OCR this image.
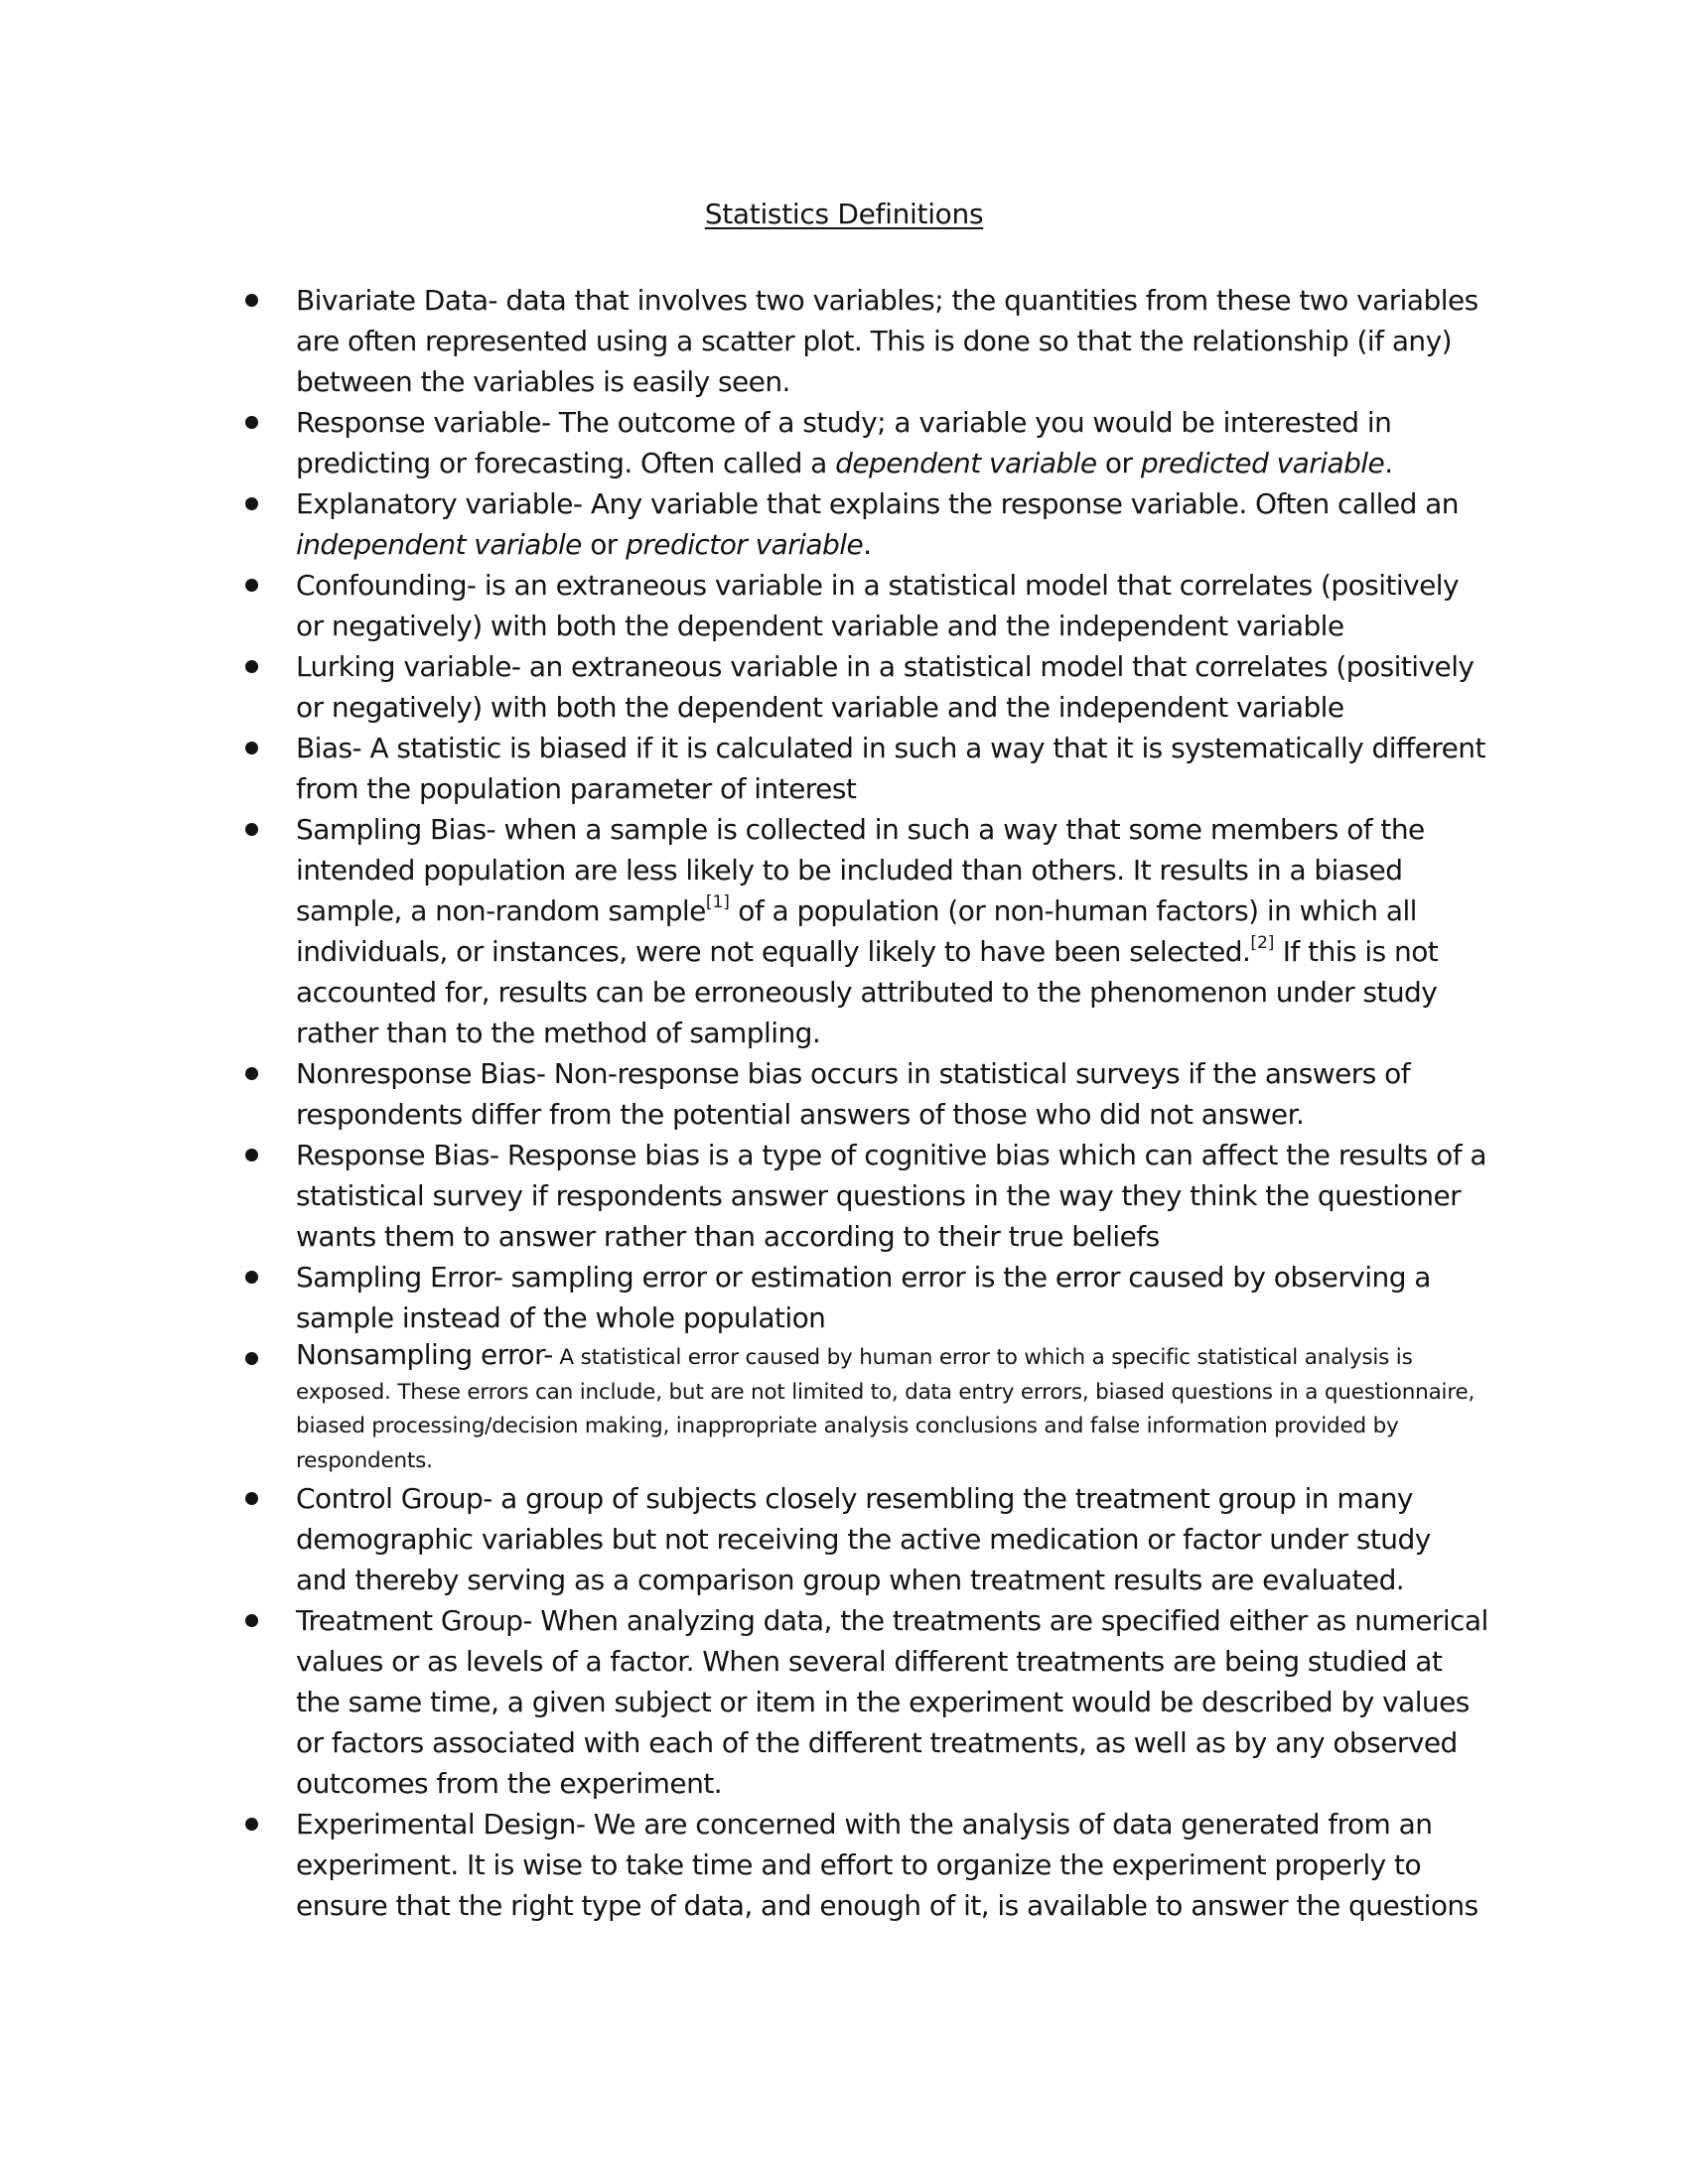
Statistics Definitions
Bivariate Data- data that involves two variables; the quantities from these two variables are often represented using a scatter plot. This is done so that the relationship (if any) between the variables is easily seen.
Response variable- The outcome of a study; a variable you would be interested in predicting or forecasting. Often called a dependent variable or predicted variable.
Explanatory variable- Any variable that explains the response variable. Often called an independent variable or predictor variable.
Confounding- is an extraneous variable in a statistical model that correlates (positively or negatively) with both the dependent variable and the independent variable
Lurking variable- an extraneous variable in a statistical model that correlates (positively or negatively) with both the dependent variable and the independent variable
Bias- A statistic is biased if it is calculated in such a way that it is systematically different from the population parameter of interest
Sampling Bias- when a sample is collected in such a way that some members of the intended population are less likely to be included than others. It results in a biased sample, a non-random sample[1] of a population (or non-human factors) in which all individuals, or instances, were not equally likely to have been selected.[2] If this is not accounted for, results can be erroneously attributed to the phenomenon under study rather than to the method of sampling.
Nonresponse Bias- Non-response bias occurs in statistical surveys if the answers of respondents differ from the potential answers of those who did not answer.
Response Bias- Response bias is a type of cognitive bias which can affect the results of a statistical survey if respondents answer questions in the way they think the questioner wants them to answer rather than according to their true beliefs
Sampling Error- sampling error or estimation error is the error caused by observing a sample instead of the whole population
Nonsampling error- A statistical error caused by human error to which a specific statistical analysis is exposed. These errors can include, but are not limited to, data entry errors, biased questions in a questionnaire, biased processing/decision making, inappropriate analysis conclusions and false information provided by respondents.
Control Group- a group of subjects closely resembling the treatment group in many demographic variables but not receiving the active medication or factor under study and thereby serving as a comparison group when treatment results are evaluated.
Treatment Group- When analyzing data, the treatments are specified either as numerical values or as levels of a factor. When several different treatments are being studied at the same time, a given subject or item in the experiment would be described by values or factors associated with each of the different treatments, as well as by any observed outcomes from the experiment.
Experimental Design- We are concerned with the analysis of data generated from an experiment. It is wise to take time and effort to organize the experiment properly to ensure that the right type of data, and enough of it, is available to answer the questions
